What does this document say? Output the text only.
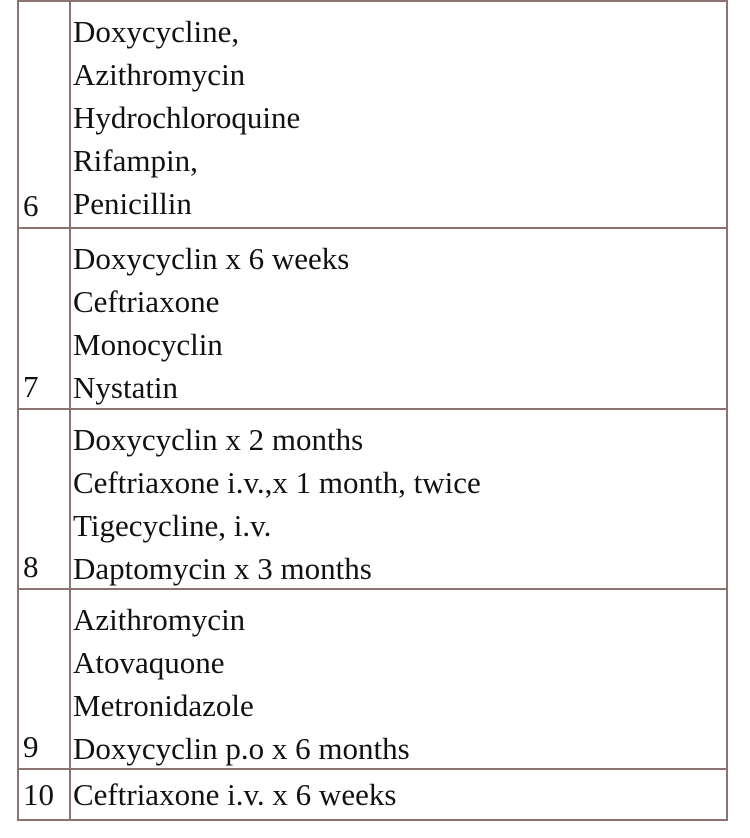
6
Doxycycline,
Azithromycin
Hydrochloroquine
Rifampin,
Penicillin
7
Doxycyclin x 6 weeks
Ceftriaxone
Monocyclin
Nystatin
8
Doxycyclin x 2 months
Ceftriaxone i.v.,x 1 month, twice
Tigecycline, i.v.
Daptomycin x 3 months
9
Azithromycin
Atovaquone
Metronidazole
Doxycyclin p.o x 6 months
10 Ceftriaxone i.v. x 6 weeks
